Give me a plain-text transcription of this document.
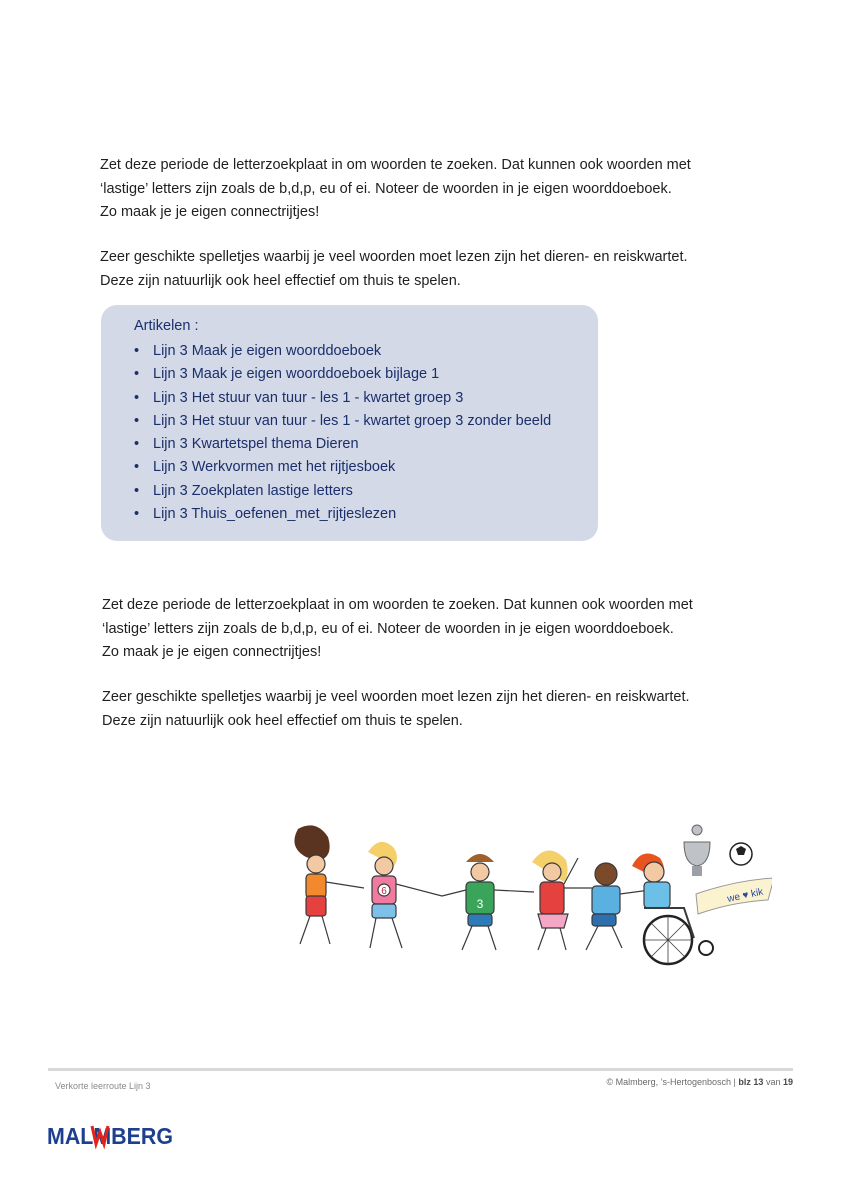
Zet deze periode de letterzoekplaat in om woorden te zoeken. Dat kunnen ook woorden met

‘lastige’ letters zijn zoals de b,d,p, eu of ei. Noteer de woorden in je eigen woorddoeboek.

Zo maak je je eigen connectrijtjes!

Zeer geschikte spelletjes waarbij je veel woorden moet lezen zijn het dieren- en reiskwartet.

Deze zijn natuurlijk ook heel effectief om thuis te spelen.

Artikelen :
• Lijn 3 Maak je eigen woorddoeboek
• Lijn 3 Maak je eigen woorddoeboek bijlage 1
• Lijn 3 Het stuur van tuur - les 1 - kwartet groep 3
• Lijn 3 Het stuur van tuur - les 1 - kwartet groep 3 zonder beeld
• Lijn 3 Kwartetspel thema Dieren
• Lijn 3 Werkvormen met het rijtjesboek
• Lijn 3 Zoekplaten lastige letters
• Lijn 3 Thuis_oefenen_met_rijtjeslezen

Zet deze periode de letterzoekplaat in om woorden te zoeken. Dat kunnen ook woorden met

‘lastige’ letters zijn zoals de b,d,p, eu of ei. Noteer de woorden in je eigen woorddoeboek.

Zo maak je je eigen connectrijtjes!

Zeer geschikte spelletjes waarbij je veel woorden moet lezen zijn het dieren- en reiskwartet.

Deze zijn natuurlijk ook heel effectief om thuis te spelen.

6
3	we ♥ kik
Verkorte leerroute Lijn 3	© Malmberg, ’s-Hertogenbosch | blz 13 van 19
MALMBERG
